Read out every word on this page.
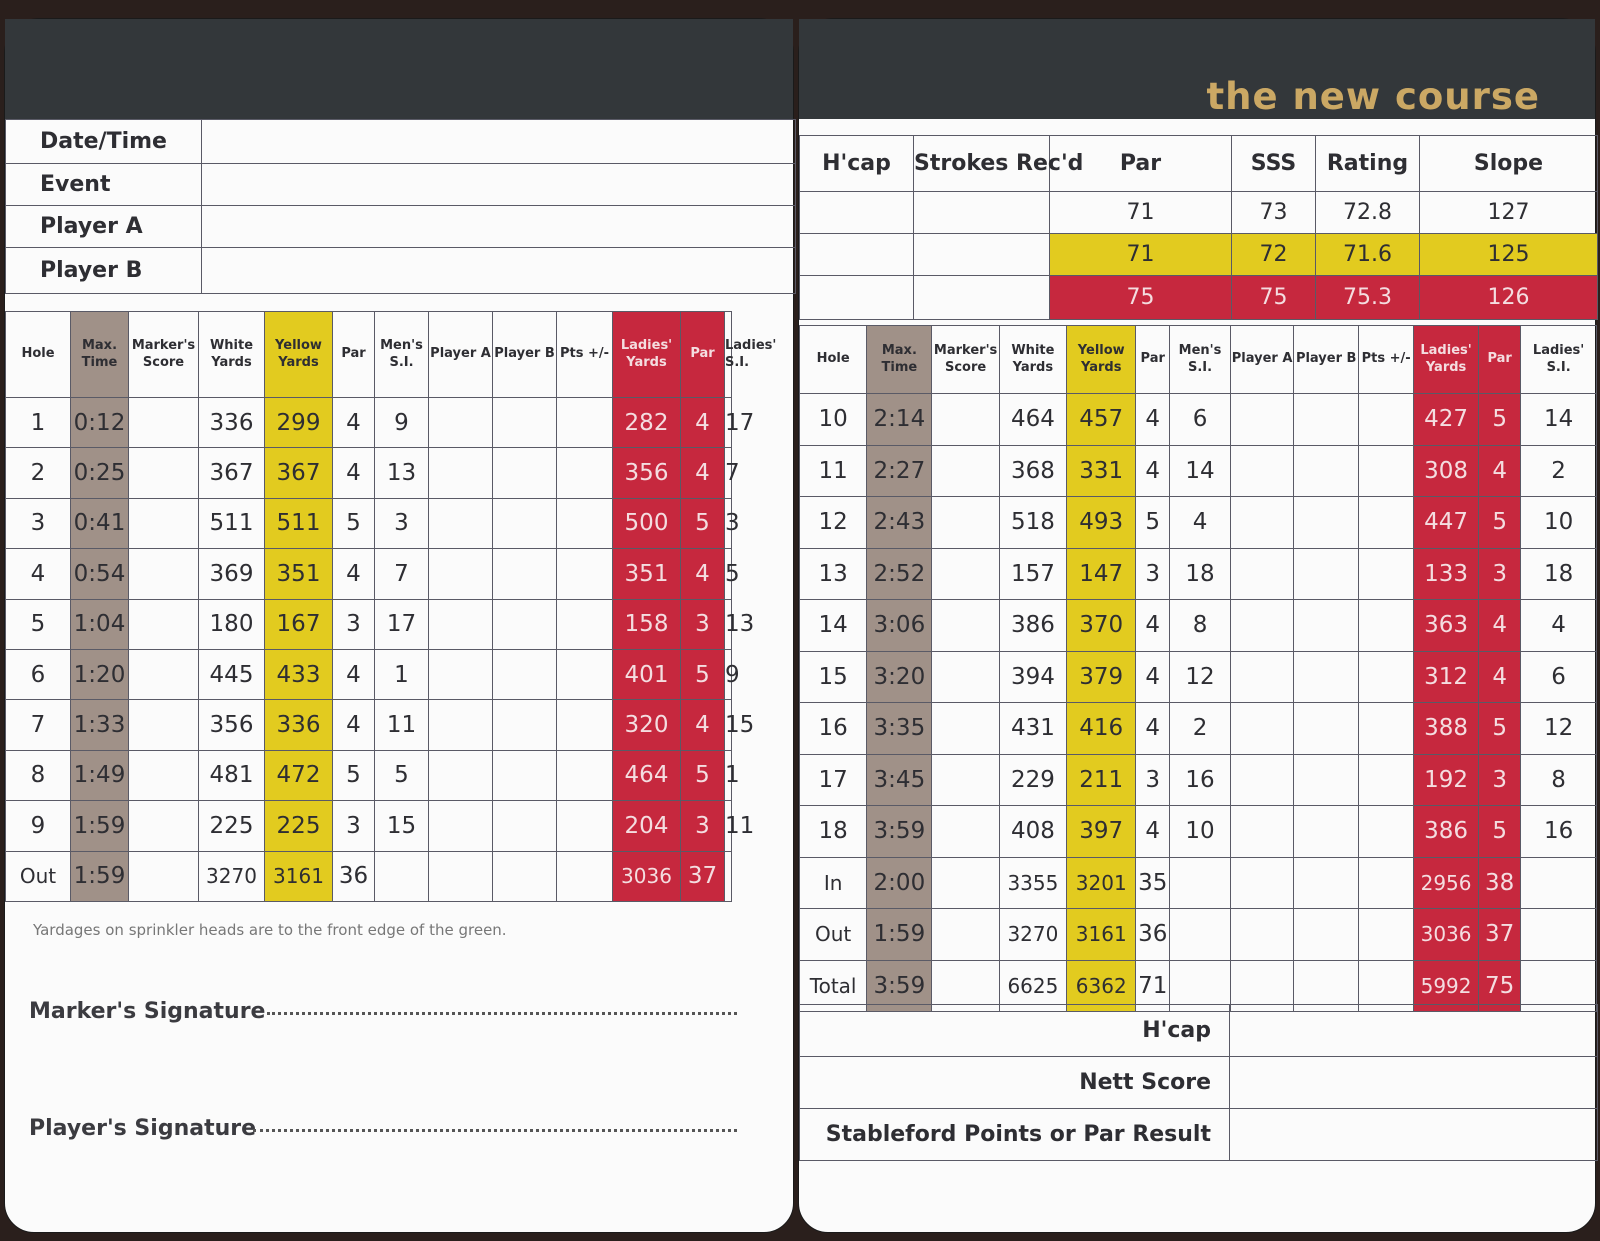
Date/Time	
Event	
Player A	
Player B	
Hole	Max. Time	Marker's Score	White Yards	Yellow Yards	Par	Men's S.I.	Player A	Player B	Pts +/-	Ladies' Yards	Par	Ladies' S.I.
1	0:12		336	299	4	9				282	4	17
2	0:25		367	367	4	13				356	4	7
3	0:41		511	511	5	3				500	5	3
4	0:54		369	351	4	7				351	4	5
5	1:04		180	167	3	17				158	3	13
6	1:20		445	433	4	1				401	5	9
7	1:33		356	336	4	11				320	4	15
8	1:49		481	472	5	5				464	5	1
9	1:59		225	225	3	15				204	3	11
Out	1:59		3270	3161	36					3036	37	
Yardages on sprinkler heads are to the front edge of the green.
Marker's Signature
Player's Signature
the new course
H'cap	Strokes Rec'd	Par	SSS	Rating	Slope
		71	73	72.8	127
		71	72	71.6	125
		75	75	75.3	126
Hole	Max. Time	Marker's Score	White Yards	Yellow Yards	Par	Men's S.I.	Player A	Player B	Pts +/-	Ladies' Yards	Par	Ladies' S.I.
10	2:14		464	457	4	6				427	5	14
11	2:27		368	331	4	14				308	4	2
12	2:43		518	493	5	4				447	5	10
13	2:52		157	147	3	18				133	3	18
14	3:06		386	370	4	8				363	4	4
15	3:20		394	379	4	12				312	4	6
16	3:35		431	416	4	2				388	5	12
17	3:45		229	211	3	16				192	3	8
18	3:59		408	397	4	10				386	5	16
In	2:00		3355	3201	35					2956	38	
Out	1:59		3270	3161	36					3036	37	
Total	3:59		6625	6362	71					5992	75	
H'cap	
Nett Score	
Stableford Points or Par Result	
